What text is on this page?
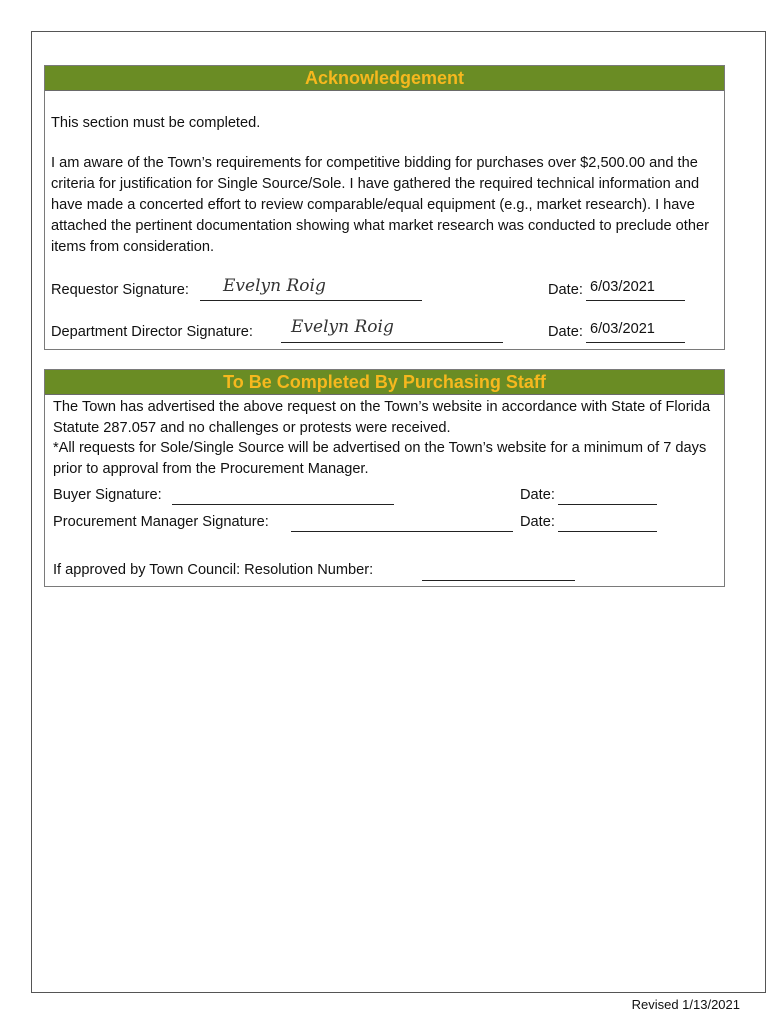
Acknowledgement
This section must be completed.
I am aware of the Town’s requirements for competitive bidding for purchases over $2,500.00 and the criteria for justification for Single Source/Sole. I have gathered the required technical information and have made a concerted effort to review comparable/equal equipment (e.g., market research). I have attached the pertinent documentation showing what market research was conducted to preclude other items from consideration.
Requestor Signature: Evelyn Roig	Date: 6/03/2021
Department Director Signature: Evelyn Roig	Date: 6/03/2021
To Be Completed By Purchasing Staff
The Town has advertised the above request on the Town’s website in accordance with State of Florida Statute 287.057 and no challenges or protests were received.
*All requests for Sole/Single Source will be advertised on the Town’s website for a minimum of 7 days prior to approval from the Procurement Manager.
Buyer Signature:	Date:
Procurement Manager Signature:	Date:
If approved by Town Council: Resolution Number:
Revised 1/13/2021
